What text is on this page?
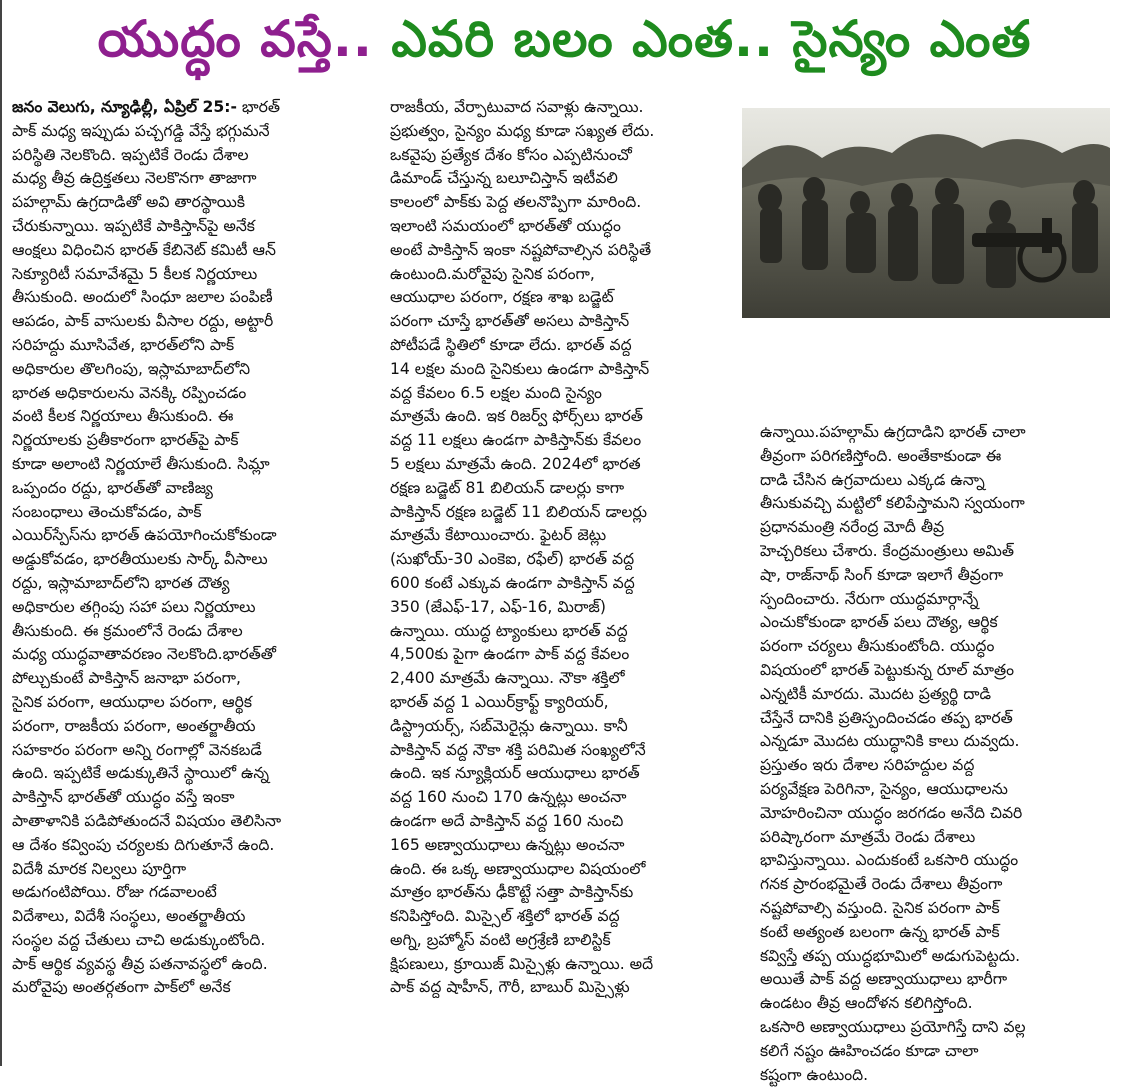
యుద్ధం వస్తే.. ఎవరి బలం ఎంత.. సైన్యం ఎంత

జనం వెలుగు, న్యూఢిల్లీ, ఏప్రిల్ 25:- భారత్

పాక్ మధ్య ఇప్పుడు పచ్చగడ్డి వేస్తే భగ్గుమనే

పరిస్థితి నెలకొంది. ఇప్పటికే రెండు దేశాల

మధ్య తీవ్ర ఉద్రిక్తతలు నెలకొనగా తాజాగా

పహల్గామ్ ఉగ్రదాడితో అవి తారస్థాయికి

చేరుకున్నాయి. ఇప్పటికే పాకిస్తాన్‌పై అనేక

ఆంక్షలు విధించిన భారత్ కేబినెట్ కమిటీ ఆన్

సెక్యూరిటీ సమావేశమై 5 కీలక నిర్ణయాలు

తీసుకుంది. అందులో సింధూ జలాల పంపిణీ

ఆపడం, పాక్ వాసులకు వీసాల రద్దు, అట్టారీ

సరిహద్దు మూసివేత, భారత్‌లోని పాక్

అధికారుల తొలగింపు, ఇస్లామాబాద్‌లోని

భారత అధికారులను వెనక్కి రప్పించడం

వంటి కీలక నిర్ణయాలు తీసుకుంది. ఈ

నిర్ణయాలకు ప్రతీకారంగా భారత్‌పై పాక్

కూడా అలాంటి నిర్ణయాలే తీసుకుంది. సిమ్లా

ఒప్పందం రద్దు, భారత్‌తో వాణిజ్య

సంబంధాలు తెంచుకోవడం, పాక్

ఎయిర్‌స్పేస్‌ను భారత్ ఉపయోగించుకోకుండా

అడ్డుకోవడం, భారతీయులకు సార్క్ వీసాలు

రద్దు, ఇస్లామాబాద్‌లోని భారత దౌత్య

అధికారుల తగ్గింపు సహా పలు నిర్ణయాలు

తీసుకుంది. ఈ క్రమంలోనే రెండు దేశాల

మధ్య యుద్ధవాతావరణం నెలకొంది.భారత్‌తో

పోల్చుకుంటే పాకిస్తాన్ జనాభా పరంగా,

సైనిక పరంగా, ఆయుధాల పరంగా, ఆర్థిక

పరంగా, రాజకీయ పరంగా, అంతర్జాతీయ

సహకారం పరంగా అన్ని రంగాల్లో వెనకబడే

ఉంది. ఇప్పటికే అడుక్కుతినే స్థాయిలో ఉన్న

పాకిస్తాన్ భారత్‌తో యుద్ధం వస్తే ఇంకా

పాతాళానికి పడిపోతుందనే విషయం తెలిసినా

ఆ దేశం కవ్వింపు చర్యలకు దిగుతూనే ఉంది.

విదేశీ మారక నిల్వలు పూర్తిగా

అడుగంటిపోయి. రోజు గడవాలంటే

విదేశాలు, విదేశీ సంస్థలు, అంతర్జాతీయ

సంస్థల వద్ద చేతులు చాచి అడుక్కుంటోంది.

పాక్ ఆర్థిక వ్యవస్థ తీవ్ర పతనావస్థలో ఉంది.

మరోవైపు అంతర్గతంగా పాక్‌లో అనేక

రాజకీయ, వేర్పాటువాద సవాళ్లు ఉన్నాయి.

ప్రభుత్వం, సైన్యం మధ్య కూడా సఖ్యత లేదు.

ఒకవైపు ప్రత్యేక దేశం కోసం ఎప్పటినుంచో

డిమాండ్ చేస్తున్న బలూచిస్తాన్ ఇటీవలి

కాలంలో పాక్‌కు పెద్ద తలనొప్పిగా మారింది.

ఇలాంటి సమయంలో భారత్‌తో యుద్ధం

అంటే పాకిస్తాన్ ఇంకా నష్టపోవాల్సిన పరిస్థితే

ఉంటుంది.మరోవైపు సైనిక పరంగా,

ఆయుధాల పరంగా, రక్షణ శాఖ బడ్జెట్

పరంగా చూస్తే భారత్‌తో అసలు పాకిస్తాన్

పోటీపడే స్థితిలో కూడా లేదు. భారత్ వద్ద

14 లక్షల మంది సైనికులు ఉండగా పాకిస్తాన్

వద్ద కేవలం 6.5 లక్షల మంది సైన్యం

మాత్రమే ఉంది. ఇక రిజర్వ్ ఫోర్స్‌లు భారత్

వద్ద 11 లక్షలు ఉండగా పాకిస్తాన్‌కు కేవలం

5 లక్షలు మాత్రమే ఉంది. 2024లో భారత

రక్షణ బడ్జెట్ 81 బిలియన్ డాలర్లు కాగా

పాకిస్తాన్ రక్షణ బడ్జెట్ 11 బిలియన్ డాలర్లు

మాత్రమే కేటాయించారు. ఫైటర్ జెట్లు

(సుఖోయ్-30 ఎంకెఐ, రఫేల్) భారత్ వద్ద

600 కంటే ఎక్కువ ఉండగా పాకిస్తాన్ వద్ద

350 (జేఎఫ్-17, ఎఫ్-16, మిరాజ్)

ఉన్నాయి. యుద్ధ ట్యాంకులు భారత్ వద్ద

4,500కు పైగా ఉండగా పాక్ వద్ద కేవలం

2,400 మాత్రమే ఉన్నాయి. నౌకా శక్తిలో

భారత్ వద్ద 1 ఎయిర్‌క్రాఫ్ట్ క్యారియర్,

డిస్ట్రాయర్స్, సబ్‌మెరైన్లు ఉన్నాయి. కానీ

పాకిస్తాన్ వద్ద నౌకా శక్తి పరిమిత సంఖ్యలోనే

ఉంది. ఇక న్యూక్లియర్ ఆయుధాలు భారత్

వద్ద 160 నుంచి 170 ఉన్నట్లు అంచనా

ఉండగా అదే పాకిస్తాన్ వద్ద 160 నుంచి

165 అణ్వాయుధాలు ఉన్నట్లు అంచనా

ఉంది. ఈ ఒక్క అణ్వాయుధాల విషయంలో

మాత్రం భారత్‌ను ఢీకొట్టే సత్తా పాకిస్తాన్‌కు

కనిపిస్తోంది. మిస్సైల్ శక్తిలో భారత్ వద్ద

అగ్ని, బ్రహ్మోస్ వంటి అగ్రశ్రేణి బాలిస్టిక్

క్షిపణులు, క్రూయిజ్ మిస్సైళ్లు ఉన్నాయి. అదే

పాక్ వద్ద షాహీన్, గౌరీ, బాబుర్ మిస్సైళ్లు

ఉన్నాయి.పహల్గామ్ ఉగ్రదాడిని భారత్ చాలా

తీవ్రంగా పరిగణిస్తోంది. అంతేకాకుండా ఈ

దాడి చేసిన ఉగ్రవాదులు ఎక్కడ ఉన్నా

తీసుకువచ్చి మట్టిలో కలిపేస్తామని స్వయంగా

ప్రధానమంత్రి నరేంద్ర మోదీ తీవ్ర

హెచ్చరికలు చేశారు. కేంద్రమంత్రులు అమిత్

షా, రాజ్‌నాథ్ సింగ్ కూడా ఇలాగే తీవ్రంగా

స్పందించారు. నేరుగా యుద్ధమార్గాన్నే

ఎంచుకోకుండా భారత్ పలు దౌత్య, ఆర్థిక

పరంగా చర్యలు తీసుకుంటోంది. యుద్ధం

విషయంలో భారత్ పెట్టుకున్న రూల్ మాత్రం

ఎన్నటికీ మారదు. మొదట ప్రత్యర్థి దాడి

చేస్తేనే దానికి ప్రతిస్పందించడం తప్ప భారత్

ఎన్నడూ మొదట యుద్ధానికి కాలు దువ్వదు.

ప్రస్తుతం ఇరు దేశాల సరిహద్దుల వద్ద

పర్యవేక్షణ పెరిగినా, సైన్యం, ఆయుధాలను

మోహరించినా యుద్ధం జరగడం అనేది చివరి

పరిష్కారంగా మాత్రమే రెండు దేశాలు

భావిస్తున్నాయి. ఎందుకంటే ఒకసారి యుద్ధం

గనక ప్రారంభమైతే రెండు దేశాలు తీవ్రంగా

నష్టపోవాల్సి వస్తుంది. సైనిక పరంగా పాక్

కంటే అత్యంత బలంగా ఉన్న భారత్ పాక్

కవ్విస్తే తప్ప యుద్ధభూమిలో అడుగుపెట్టదు.

అయితే పాక్ వద్ద అణ్వాయుధాలు భారీగా

ఉండటం తీవ్ర ఆందోళన కలిగిస్తోంది.

ఒకసారి అణ్వాయుధాలు ప్రయోగిస్తే దాని వల్ల

కలిగే నష్టం ఊహించడం కూడా చాలా

కష్టంగా ఉంటుంది.
